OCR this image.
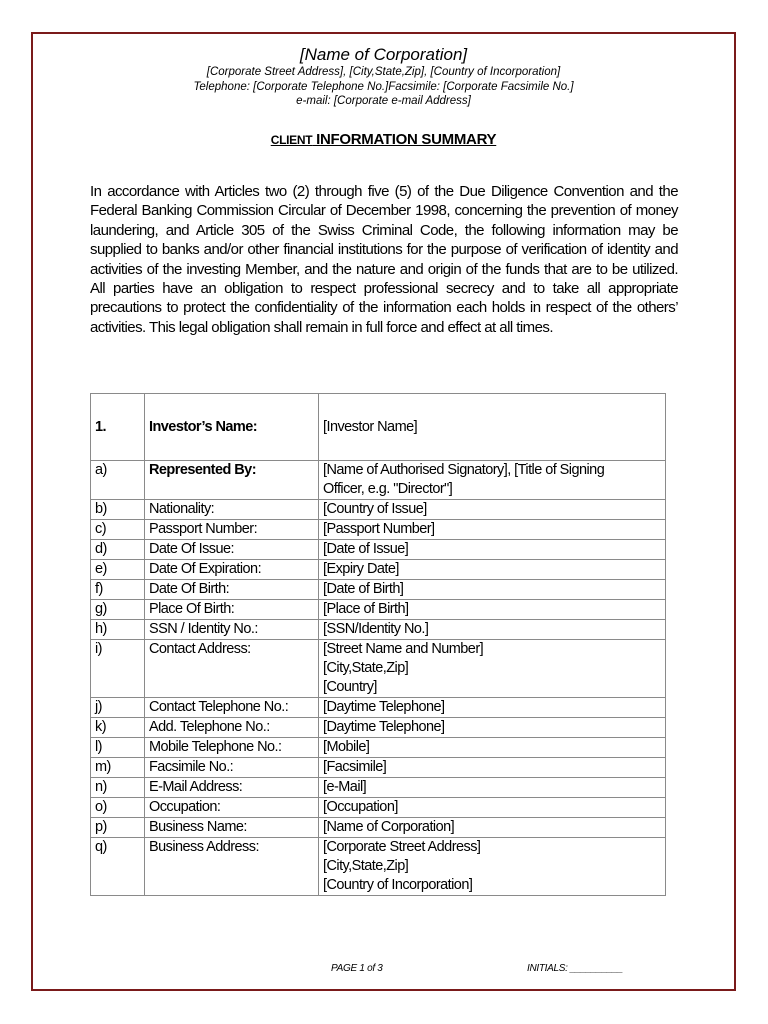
[Name of Corporation]
[Corporate Street Address], [City,State,Zip], [Country of Incorporation]
Telephone: [Corporate Telephone No.]Facsimile: [Corporate Facsimile No.]
e-mail: [Corporate e-mail Address]
CLIENT INFORMATION SUMMARY
In accordance with Articles two (2) through five (5) of the Due Diligence Convention and the Federal Banking Commission Circular of December 1998, concerning the prevention of money laundering, and Article 305 of the Swiss Criminal Code, the following information may be supplied to banks and/or other financial institutions for the purpose of verification of identity and activities of the investing Member, and the nature and origin of the funds that are to be utilized. All parties have an obligation to respect professional secrecy and to take all appropriate precautions to protect the confidentiality of the information each holds in respect of the others’ activities. This legal obligation shall remain in full force and effect at all times.
1.	Investor’s Name:	[Investor Name]
a)	Represented By:	[Name of Authorised Signatory], [Title of Signing
Officer, e.g. "Director"]

b)	Nationality:	[Country of Issue]

c)	Passport Number:	[Passport Number]

d)	Date Of Issue:	[Date of Issue]

e)	Date Of Expiration:	[Expiry Date]

f)	Date Of Birth:	[Date of Birth]

g)	Place Of Birth:	[Place of Birth]

h)	SSN / Identity No.:	[SSN/Identity No.]

i)	Contact Address:	[Street Name and Number]
[City,State,Zip]
[Country]

j)	Contact Telephone No.:	[Daytime Telephone]

k)	Add. Telephone No.:	[Daytime Telephone]

l)	Mobile Telephone No.:	[Mobile]

m)	Facsimile No.:	[Facsimile]

n)	E-Mail Address:	[e-Mail]

o)	Occupation:	[Occupation]

p)	Business Name:	[Name of Corporation]

q)	Business Address:	[Corporate Street Address]
[City,State,Zip]
[Country of Incorporation]
PAGE 1 of 3	INITIALS: __________
